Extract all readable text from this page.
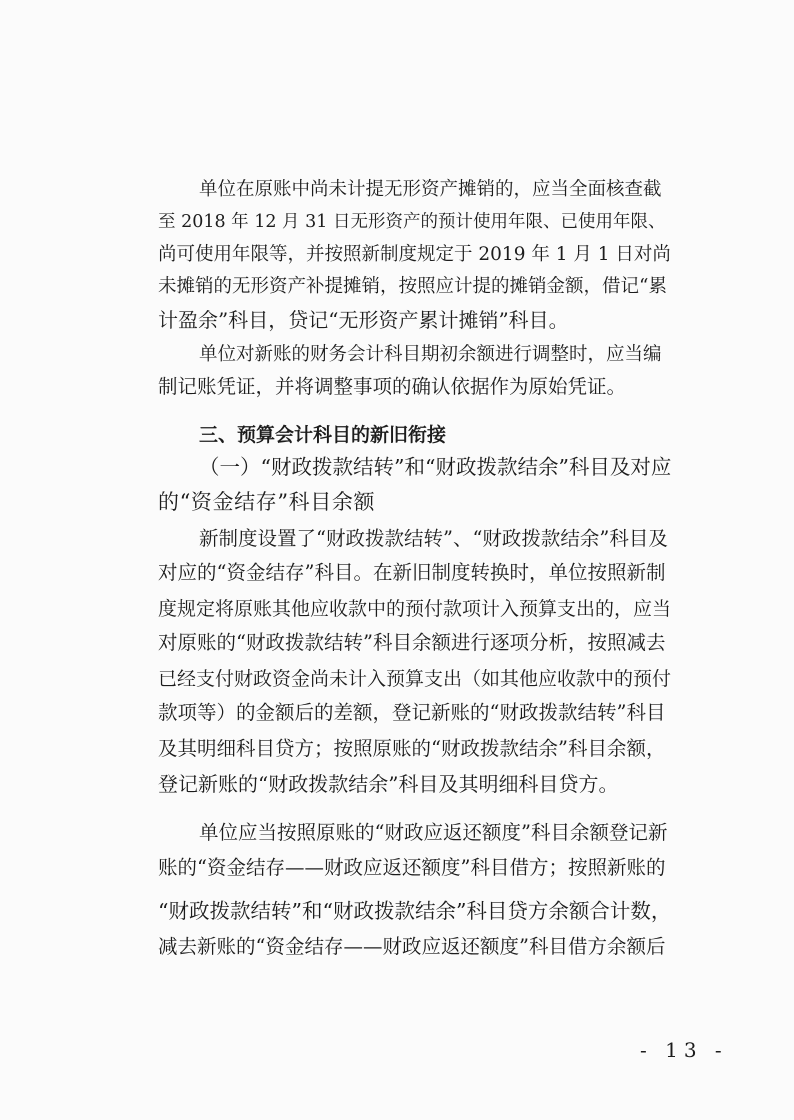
单位在原账中尚未计提无形资产摊销的，应当全面核查截
至 2018 年 12 月 31 日无形资产的预计使用年限、已使用年限、
尚可使用年限等，并按照新制度规定于 2019 年 1 月 1 日对尚
未摊销的无形资产补提摊销，按照应计提的摊销金额，借记“累
计盈余”科目，贷记“无形资产累计摊销”科目。
单位对新账的财务会计科目期初余额进行调整时，应当编
制记账凭证，并将调整事项的确认依据作为原始凭证。
三、预算会计科目的新旧衔接
（一）“财政拨款结转”和“财政拨款结余”科目及对应
的“资金结存”科目余额
新制度设置了“财政拨款结转”、“财政拨款结余”科目及
对应的“资金结存”科目。在新旧制度转换时，单位按照新制
度规定将原账其他应收款中的预付款项计入预算支出的，应当
对原账的“财政拨款结转”科目余额进行逐项分析，按照减去
已经支付财政资金尚未计入预算支出（如其他应收款中的预付
款项等）的金额后的差额，登记新账的“财政拨款结转”科目
及其明细科目贷方；按照原账的“财政拨款结余”科目余额，
登记新账的“财政拨款结余”科目及其明细科目贷方。
单位应当按照原账的“财政应返还额度”科目余额登记新
账的“资金结存——财政应返还额度”科目借方；按照新账的
“财政拨款结转”和“财政拨款结余”科目贷方余额合计数，
减去新账的“资金结存——财政应返还额度”科目借方余额后
- 13 -
